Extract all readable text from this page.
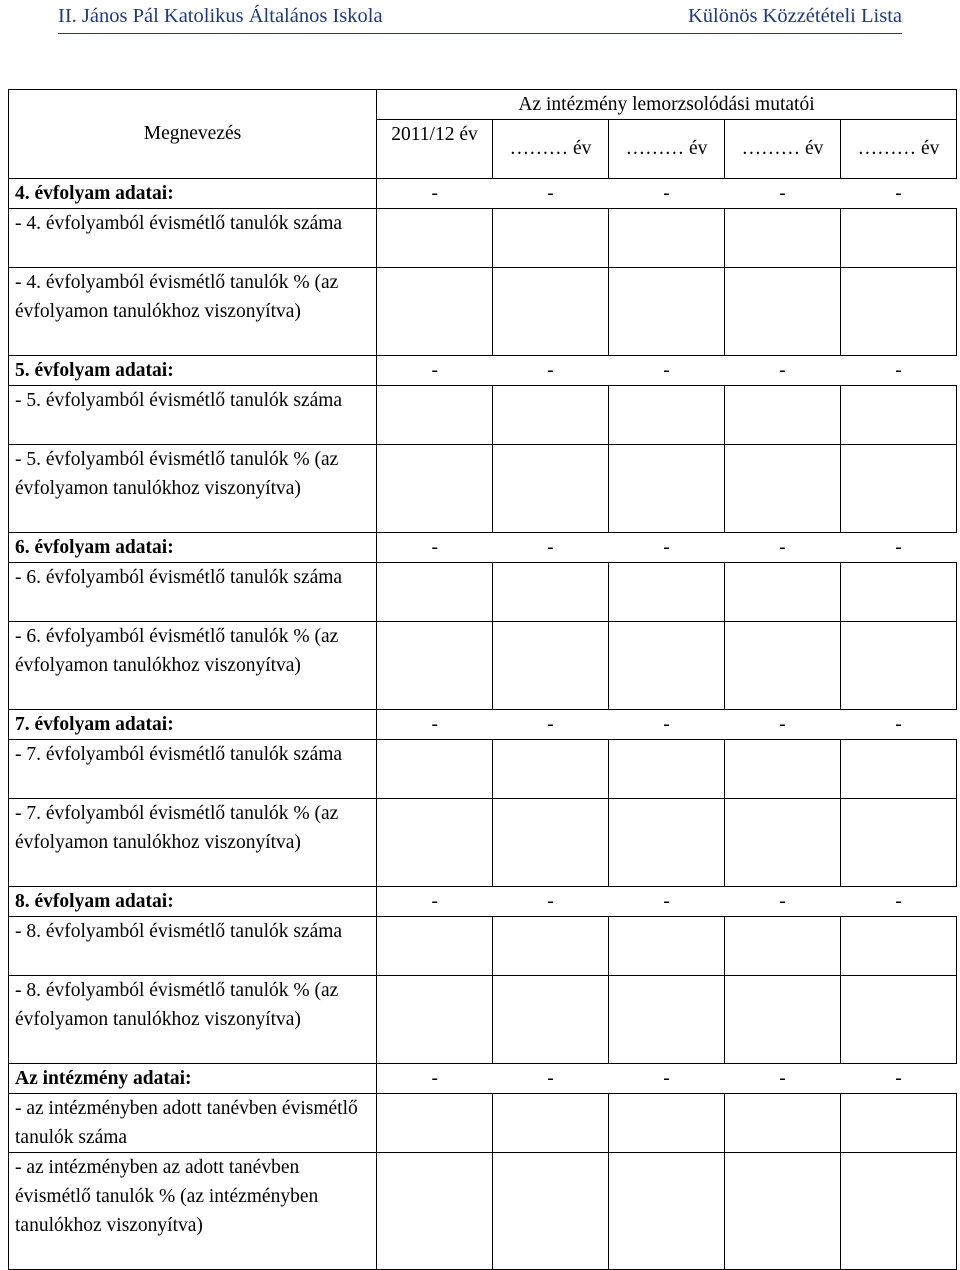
II. János Pál Katolikus Általános Iskola	Különös Közzétételi Lista
Megnevezés	Az intézmény lemorzsolódási mutatói				
	2011/12 év	……… év	……… év	……… év	……… év
4. évfolyam adatai:	-	-	-	-	-
- 4. évfolyamból évismétlő tanulók száma					
- 4. évfolyamból évismétlő tanulók % (az évfolyamon tanulókhoz viszonyítva)					
5. évfolyam adatai:	-	-	-	-	-
- 5. évfolyamból évismétlő tanulók száma					
- 5. évfolyamból évismétlő tanulók % (az évfolyamon tanulókhoz viszonyítva)					
6. évfolyam adatai:	-	-	-	-	-
- 6. évfolyamból évismétlő tanulók száma					
- 6. évfolyamból évismétlő tanulók % (az évfolyamon tanulókhoz viszonyítva)					
7. évfolyam adatai:	-	-	-	-	-
- 7. évfolyamból évismétlő tanulók száma					
- 7. évfolyamból évismétlő tanulók % (az évfolyamon tanulókhoz viszonyítva)					
8. évfolyam adatai:	-	-	-	-	-
- 8. évfolyamból évismétlő tanulók száma					
- 8. évfolyamból évismétlő tanulók % (az évfolyamon tanulókhoz viszonyítva)					
Az intézmény adatai:	-	-	-	-	-
- az intézményben adott tanévben évismétlő tanulók száma					
- az intézményben az adott tanévben évismétlő tanulók % (az intézményben tanulókhoz viszonyítva)					
